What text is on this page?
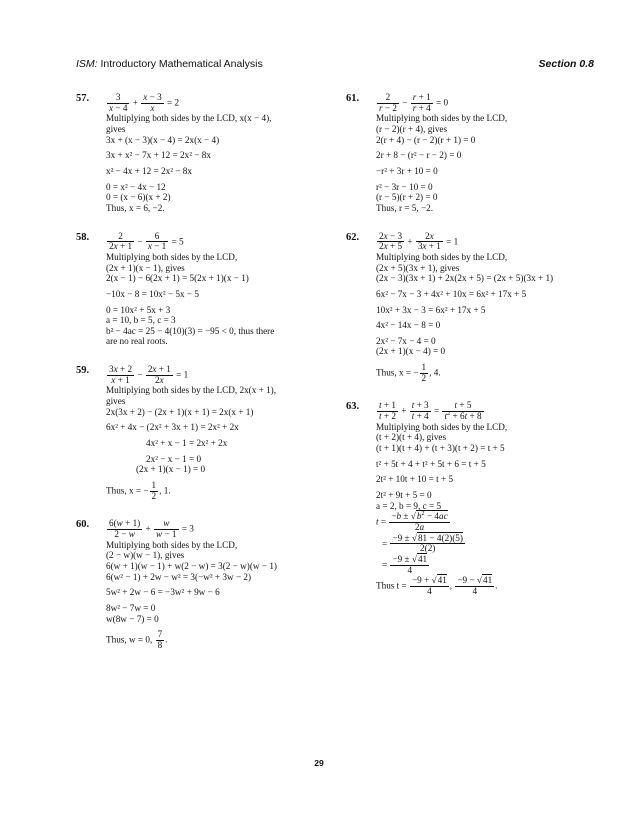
ISM: Introductory Mathematical Analysis	Section 0.8
57. $\frac{3}{x - 4} + \frac{x - 3}{x} = 2$
Multiplying both sides by the LCD, x(x − 4),
gives
3x + (x − 3)(x − 4) = 2x(x − 4)
3x + x² − 7x + 12 = 2x² − 8x
x² − 4x + 12 = 2x² − 8x
0 = x² − 4x − 12
0 = (x − 6)(x + 2)
Thus, x = 6, −2.
58. $\frac{2}{2x + 1} - \frac{6}{x - 1} = 5$
Multiplying both sides by the LCD,
(2x + 1)(x − 1), gives
2(x − 1) − 6(2x + 1) = 5(2x + 1)(x − 1)
−10x − 8 = 10x² − 5x − 5
0 = 10x² + 5x + 3
a = 10, b = 5, c = 3
b² − 4ac = 25 − 4(10)(3) = −95 < 0, thus there
are no real roots.
59. $\frac{3x + 2}{x + 1} - \frac{2x + 1}{2x} = 1$
Multiplying both sides by the LCD, 2x(x + 1),
gives
2x(3x + 2) − (2x + 1)(x + 1) = 2x(x + 1)
6x² + 4x − (2x² + 3x + 1) = 2x² + 2x
4x² + x − 1 = 2x² + 2x
2x² − x − 1 = 0
(2x + 1)(x − 1) = 0
Thus, x = − $\frac{1}{2}$ , 1.
60. $\frac{6(w + 1)}{2 - w} + \frac{w}{w - 1} = 3$
Multiplying both sides by the LCD,
(2 − w)(w − 1), gives
6(w + 1)(w − 1) + w(2 − w) = 3(2 − w)(w − 1)
6(w² − 1) + 2w − w² = 3(−w² + 3w − 2)
5w² + 2w − 6 = −3w² + 9w − 6
8w² − 7w = 0
w(8w − 7) = 0
Thus, w = 0, $\frac{7}{8}$ .
61. $\frac{2}{r - 2} - \frac{r + 1}{r + 4} = 0$
Multiplying both sides by the LCD,
(r − 2)(r + 4), gives
2(r + 4) − (r − 2)(r + 1) = 0
2r + 8 − (r² − r − 2) = 0
−r² + 3r + 10 = 0
r² − 3r − 10 = 0
(r − 5)(r + 2) = 0
Thus, r = 5, −2.
62. $\frac{2x - 3}{2x + 5} + \frac{2x}{3x + 1} = 1$
Multiplying both sides by the LCD,
(2x + 5)(3x + 1), gives
(2x − 3)(3x + 1) + 2x(2x + 5) = (2x + 5)(3x + 1)
6x² − 7x − 3 + 4x² + 10x = 6x² + 17x + 5
10x² + 3x − 3 = 6x² + 17x + 5
4x² − 14x − 8 = 0
2x² − 7x − 4 = 0
(2x + 1)(x − 4) = 0
Thus, x = − $\frac{1}{2}$ , 4.
63. $\frac{t + 1}{t + 2} + \frac{t + 3}{t + 4} = \frac{t + 5}{t^2 + 6t + 8}$
Multiplying both sides by the LCD,
(t + 2)(t + 4), gives
(t + 1)(t + 4) + (t + 3)(t + 2) = t + 5
t² + 5t + 4 + t² + 5t + 6 = t + 5
2t² + 10t + 10 = t + 5
2t² + 9t + 5 = 0
a = 2, b = 9, c = 5
$t = \frac{-b \pm √b^2 - 4ac}{2a}$
= $\frac{-9 \pm √81 - 4(2)(5)}{2(2)}$
= $\frac{-9 \pm √41}{4}$
Thus $t = \frac{-9 + √41}{4}$ , $\frac{-9 - √41}{4}$ .
29
